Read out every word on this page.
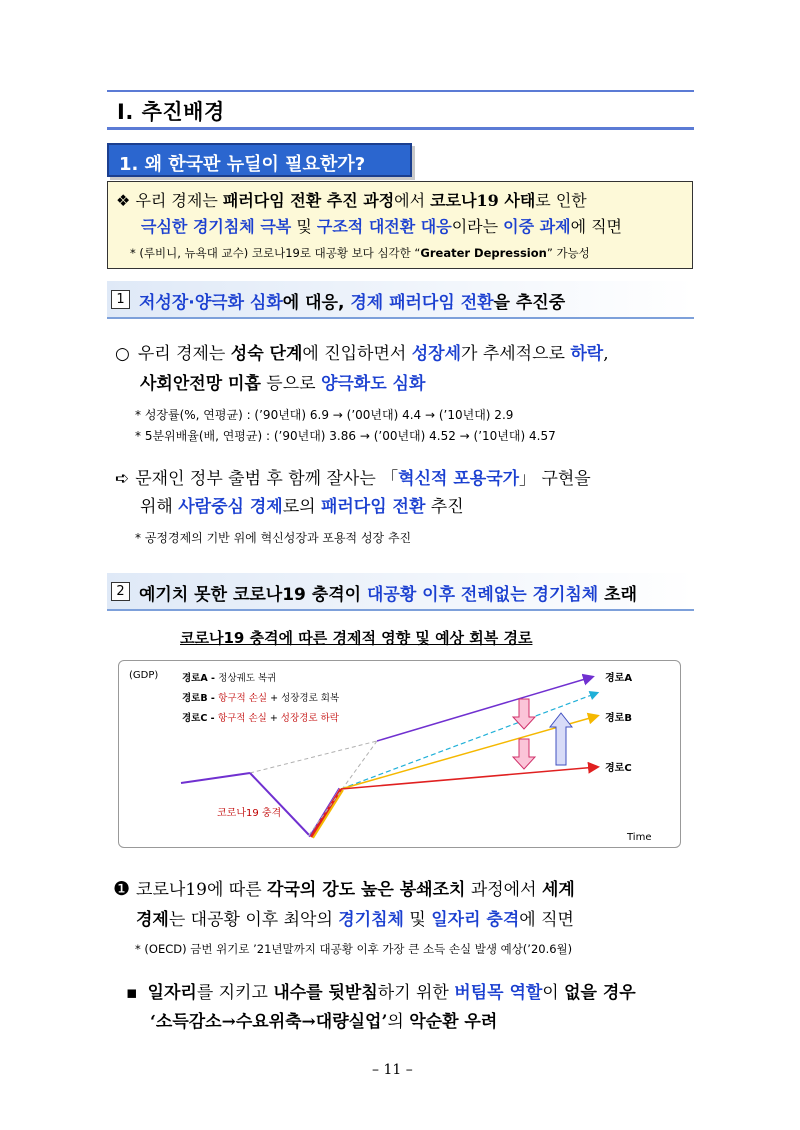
Ⅰ. 추진배경
1. 왜 한국판 뉴딜이 필요한가?
❖ 우리 경제는 패러다임 전환 추진 과정에서 코로나19 사태로 인한
극심한 경기침체 극복 및 구조적 대전환 대응이라는 이중 과제에 직면
* (루비니, 뉴욕대 교수) 코로나19로 대공황 보다 심각한 “Greater Depression” 가능성
1 저성장·양극화 심화에 대응, 경제 패러다임 전환을 추진중
○ 우리 경제는 성숙 단계에 진입하면서 성장세가 추세적으로 하락,
사회안전망 미흡 등으로 양극화도 심화
* 성장률(%, 연평균) : (’90년대) 6.9 → (’00년대) 4.4 → (’10년대) 2.9
* 5분위배율(배, 연평균) : (’90년대) 3.86 → (’00년대) 4.52 → (’10년대) 4.57
➪ 문재인 정부 출범 후 함께 잘사는 「혁신적 포용국가」 구현을
위해 사람중심 경제로의 패러다임 전환 추진
* 공정경제의 기반 위에 혁신성장과 포용적 성장 추진
2 예기치 못한 코로나19 충격이 대공황 이후 전례없는 경기침체 초래
코로나19 충격에 따른 경제적 영향 및 예상 회복 경로
(GDP)
Time
경로A - 정상궤도 복귀
경로B - 항구적 손실 + 성장경로 회복
경로C - 항구적 손실 + 성장경로 하락
경로A
경로B
경로C
코로나19 충격
❶ 코로나19에 따른 각국의 강도 높은 봉쇄조치 과정에서 세계
경제는 대공황 이후 최악의 경기침체 및 일자리 충격에 직면
* (OECD) 금번 위기로 ’21년말까지 대공황 이후 가장 큰 소득 손실 발생 예상(’20.6월)
▪ 일자리를 지키고 내수를 뒷받침하기 위한 버팀목 역할이 없을 경우
‘소득감소→수요위축→대량실업’의 악순환 우려
– 11 –
